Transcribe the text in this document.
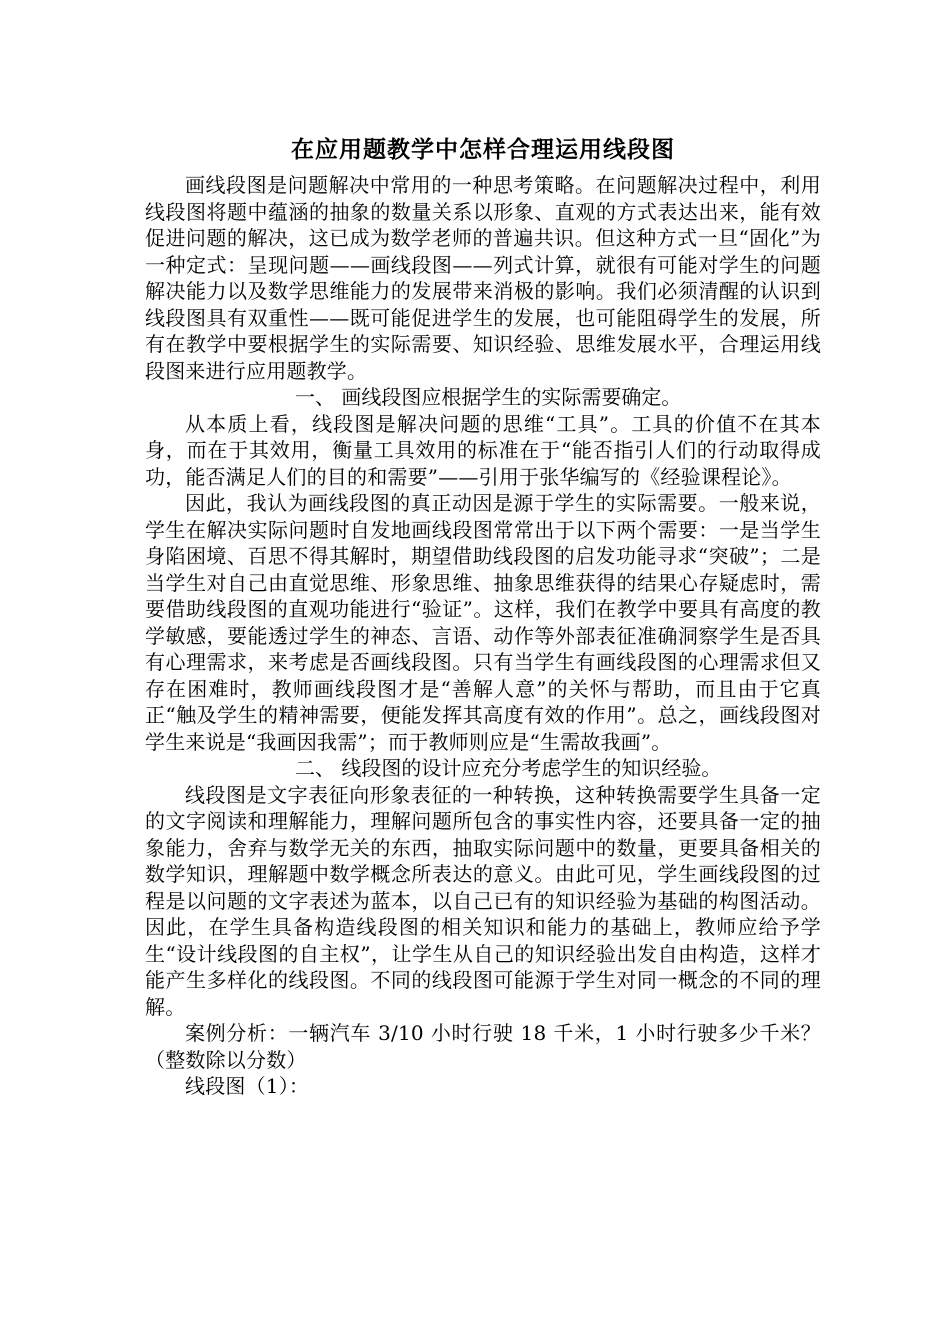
在应用题教学中怎样合理运用线段图

画线段图是问题解决中常用的一种思考策略。在问题解决过程中，利用线段图将题中蕴涵的抽象的数量关系以形象、直观的方式表达出来，能有效促进问题的解决，这已成为数学老师的普遍共识。但这种方式一旦“固化”为一种定式：呈现问题——画线段图——列式计算，就很有可能对学生的问题解决能力以及数学思维能力的发展带来消极的影响。我们必须清醒的认识到线段图具有双重性——既可能促进学生的发展，也可能阻碍学生的发展，所有在教学中要根据学生的实际需要、知识经验、思维发展水平，合理运用线段图来进行应用题教学。

一、 画线段图应根据学生的实际需要确定。

从本质上看，线段图是解决问题的思维“工具”。工具的价值不在其本身，而在于其效用，衡量工具效用的标准在于“能否指引人们的行动取得成功，能否满足人们的目的和需要”——引用于张华编写的《经验课程论》。

因此，我认为画线段图的真正动因是源于学生的实际需要。一般来说，学生在解决实际问题时自发地画线段图常常出于以下两个需要：一是当学生身陷困境、百思不得其解时，期望借助线段图的启发功能寻求“突破”；二是当学生对自己由直觉思维、形象思维、抽象思维获得的结果心存疑虑时，需要借助线段图的直观功能进行“验证”。这样，我们在教学中要具有高度的教学敏感，要能透过学生的神态、言语、动作等外部表征准确洞察学生是否具有心理需求，来考虑是否画线段图。只有当学生有画线段图的心理需求但又存在困难时，教师画线段图才是“善解人意”的关怀与帮助，而且由于它真正“触及学生的精神需要，便能发挥其高度有效的作用”。总之，画线段图对学生来说是“我画因我需”；而于教师则应是“生需故我画”。

二、 线段图的设计应充分考虑学生的知识经验。

线段图是文字表征向形象表征的一种转换，这种转换需要学生具备一定的文字阅读和理解能力，理解问题所包含的事实性内容，还要具备一定的抽象能力，舍弃与数学无关的东西，抽取实际问题中的数量，更要具备相关的数学知识，理解题中数学概念所表达的意义。由此可见，学生画线段图的过程是以问题的文字表述为蓝本，以自己已有的知识经验为基础的构图活动。因此，在学生具备构造线段图的相关知识和能力的基础上，教师应给予学生“设计线段图的自主权”，让学生从自己的知识经验出发自由构造，这样才能产生多样化的线段图。不同的线段图可能源于学生对同一概念的不同的理解。

案例分析：一辆汽车 3/10 小时行驶 18 千米，1 小时行驶多少千米？（整数除以分数）

线段图（1）：
